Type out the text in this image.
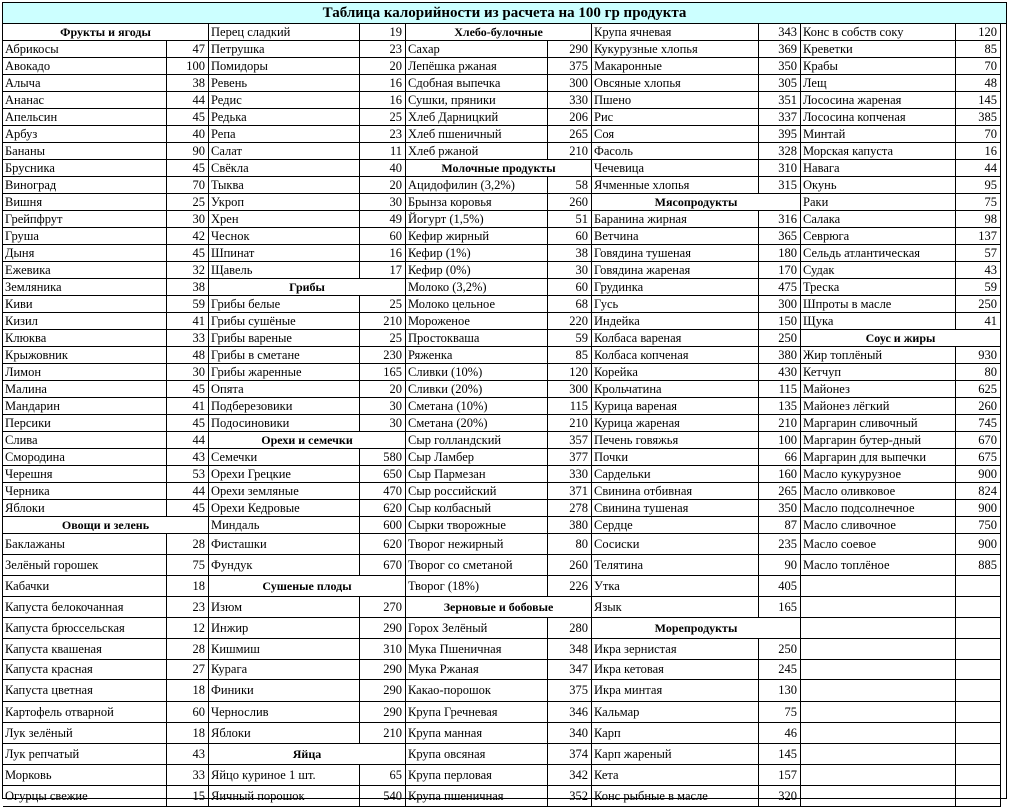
Таблица калорийности из расчета на 100 гр продукта
Фрукты и ягоды
Абрикосы	47
Авокадо	100
Алыча	38
Ананас	44
Апельсин	45
Арбуз	40
Бананы	90
Брусника	45
Виноград	70
Вишня	25
Грейпфрут	30
Груша	42
Дыня	45
Ежевика	32
Земляника	38
Киви	59
Кизил	41
Клюква	33
Крыжовник	48
Лимон	30
Малина	45
Мандарин	41
Персики	45
Слива	44
Смородина	43
Черешня	53
Черника	44
Яблоки	45
Овощи и зелень
Баклажаны	28
Зелёный горошек	75
Кабачки	18
Капуста белокочанная	23
Капуста брюссельская	12
Капуста квашеная	28
Капуста красная	27
Капуста цветная	18
Картофель отварной	60
Лук зелёный	18
Лук репчатый	43
Морковь	33
Огурцы свежие	15
Перец сладкий	19
Петрушка	23
Помидоры	20
Ревень	16
Редис	16
Редька	25
Репа	23
Салат	11
Свёкла	40
Тыква	20
Укроп	30
Хрен	49
Чеснок	60
Шпинат	16
Щавель	17
Грибы
Грибы белые	25
Грибы сушёные	210
Грибы вареные	25
Грибы в сметане	230
Грибы жаренные	165
Опята	20
Подберезовики	30
Подосиновики	30
Орехи и семечки
Семечки	580
Орехи Грецкие	650
Орехи земляные	470
Орехи Кедровые	620
Миндаль	600
Фисташки	620
Фундук	670
Сушеные плоды
Изюм	270
Инжир	290
Кишмиш	310
Курага	290
Финики	290
Чернослив	290
Яблоки	210
Яйца
Яйцо куриное 1 шт.	65
Яичный порошок	540
Хлебо-булочные
Сахар	290
Лепёшка ржаная	375
Сдобная выпечка	300
Сушки, пряники	330
Хлеб Дарницкий	206
Хлеб пшеничный	265
Хлеб ржаной	210
Молочные продукты
Ацидофилин (3,2%)	58
Брынза коровья	260
Йогурт (1,5%)	51
Кефир жирный	60
Кефир (1%)	38
Кефир (0%)	30
Молоко (3,2%)	60
Молоко цельное	68
Мороженое	220
Простокваша	59
Ряженка	85
Сливки (10%)	120
Сливки (20%)	300
Сметана (10%)	115
Сметана (20%)	210
Сыр голландский	357
Сыр Ламбер	377
Сыр Пармезан	330
Сыр российский	371
Сыр колбасный	278
Сырки творожные	380
Творог нежирный	80
Творог со сметаной	260
Творог (18%)	226
Зерновые и бобовые
Горох Зелёный	280
Мука Пшеничная	348
Мука Ржаная	347
Какао-порошок	375
Крупа Гречневая	346
Крупа манная	340
Крупа овсяная	374
Крупа перловая	342
Крупа пшеничная	352
Крупа ячневая	343
Кукурузные хлопья	369
Макаронные	350
Овсяные хлопья	305
Пшено	351
Рис	337
Соя	395
Фасоль	328
Чечевица	310
Ячменные хлопья	315
Мясопродукты
Баранина жирная	316
Ветчина	365
Говядина тушеная	180
Говядина жареная	170
Грудинка	475
Гусь	300
Индейка	150
Колбаса вареная	250
Колбаса копченая	380
Корейка	430
Крольчатина	115
Курица вареная	135
Курица жареная	210
Печень говяжья	100
Почки	66
Сардельки	160
Свинина отбивная	265
Свинина тушеная	350
Сердце	87
Сосиски	235
Телятина	90
Утка	405
Язык	165
Морепродукты
Икра зернистая	250
Икра кетовая	245
Икра минтая	130
Кальмар	75
Карп	46
Карп жареный	145
Кета	157
Конс рыбные в масле	320
Конс в собств соку	120
Креветки	85
Крабы	70
Лещ	48
Лососина жареная	145
Лососина копченая	385
Минтай	70
Морская капуста	16
Навага	44
Окунь	95
Раки	75
Салака	98
Севрюга	137
Сельдь атлантическая	57
Судак	43
Треска	59
Шпроты в масле	250
Щука	41
Соус и жиры
Жир топлёный	930
Кетчуп	80
Майонез	625
Майонез лёгкий	260
Маргарин сливочный	745
Маргарин бутер-дный	670
Маргарин для выпечки	675
Масло кукурузное	900
Масло оливковое	824
Масло подсолнечное	900
Масло сливочное	750
Масло соевое	900
Масло топлёное	885
